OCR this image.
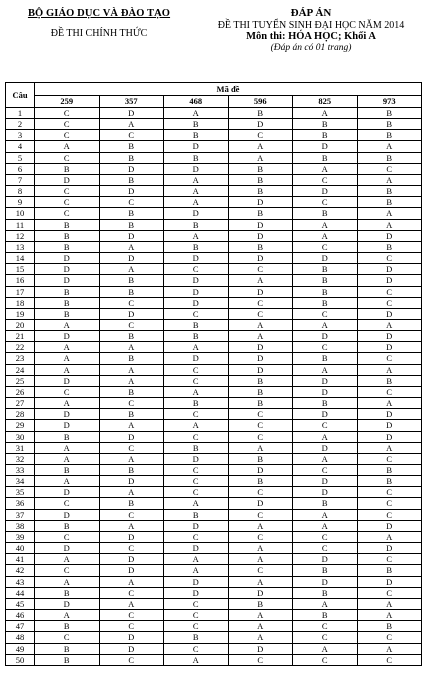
BỘ GIÁO DỤC VÀ ĐÀO TẠO
ĐỀ THI CHÍNH THỨC
ĐÁP ÁN
ĐỀ THI TUYỂN SINH ĐẠI HỌC NĂM 2014
Môn thi: HÓA HỌC; Khối A
(Đáp án có 01 trang)
Câu	Mã đề					
	259	357	468	596	825	973
1	C	D	A	B	A	B
2	C	A	B	D	B	B
3	C	C	B	C	B	B
4	A	B	D	A	D	A
5	C	B	B	A	B	B
6	B	D	D	B	A	C
7	D	B	A	B	C	A
8	C	D	A	B	D	B
9	C	C	A	D	C	B
10	C	B	D	B	B	A
11	B	B	B	D	A	A
12	B	D	A	D	A	D
13	B	A	B	B	C	B
14	D	D	D	D	D	C
15	D	A	C	C	B	D
16	D	B	D	A	B	D
17	B	B	D	D	B	C
18	B	C	D	C	B	C
19	B	D	C	C	C	D
20	A	C	B	A	A	A
21	D	B	B	A	D	D
22	A	A	A	D	C	D
23	A	B	D	D	B	C
24	A	A	C	D	A	A
25	D	A	C	B	D	B
26	C	B	A	B	D	C
27	A	C	B	B	B	A
28	D	B	C	C	D	D
29	D	A	A	C	C	D
30	B	D	C	C	A	D
31	A	C	B	A	D	A
32	A	A	D	B	A	C
33	B	B	C	D	C	B
34	A	D	C	B	D	B
35	D	A	C	C	D	C
36	C	B	A	D	B	C
37	D	C	B	C	A	C
38	B	A	D	A	A	D
39	C	D	C	C	C	A
40	D	C	D	A	C	D
41	A	D	A	A	D	C
42	C	D	A	C	B	B
43	A	A	D	A	D	D
44	B	C	D	D	B	C
45	D	A	C	B	A	A
46	A	C	C	A	B	A
47	B	C	C	A	C	B
48	C	D	B	A	C	C
49	B	D	C	D	A	A
50	B	C	A	C	C	C
